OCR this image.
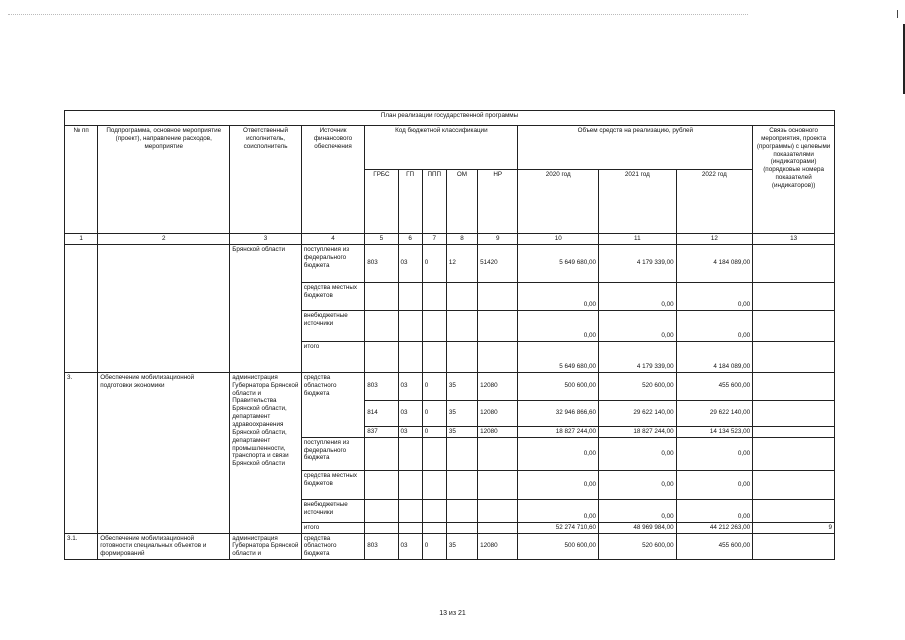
План реализации государственной программы												
№ пп	Подпрограмма, основное мероприятие (проект), направление расходов, мероприятие	Ответственный исполнитель, соисполнитель	Источник финансового обеспечения	Код бюджетной классификации					Объем средств на реализацию, рублей			Связь основного мероприятия, проекта (программы) с целевыми показателями (индикаторами) (порядковые номера показателей (индикаторов))
				ГРБС	ГП	ППП	ОМ	НР	2020 год	2021 год	2022 год	
1	2	3	4	5	6	7	8	9	10	11	12	13
		Брянской области	поступления из федерального бюджета	803	03	0	12	51420	5 649 680,00	4 179 339,00	4 184 089,00	
			средства местных бюджетов						0,00	0,00	0,00	
			внебюджетные источники						0,00	0,00	0,00	
			итого						5 649 680,00	4 179 339,00	4 184 089,00	
3.	Обеспечение мобилизационной подготовки экономики	администрация Губернатора Брянской области и Правительства Брянской области, департамент здравоохранения Брянской области, департамент промышленности, транспорта и связи Брянской области	средства областного бюджета	803	03	0	35	12080	500 600,00	520 600,00	455 600,00	
				814	03	0	35	12080	32 946 866,60	29 622 140,00	29 622 140,00	
				837	03	0	35	12080	18 827 244,00	18 827 244,00	14 134 523,00	
			поступления из федерального бюджета						0,00	0,00	0,00	
			средства местных бюджетов						0,00	0,00	0,00	
			внебюджетные источники						0,00	0,00	0,00	
			итого						52 274 710,60	48 969 984,00	44 212 263,00	9
3.1.	Обеспечение мобилизационной готовности специальных объектов и формирований	администрация Губернатора Брянской области и	средства областного бюджета	803	03	0	35	12080	500 600,00	520 600,00	455 600,00	
13 из 21
